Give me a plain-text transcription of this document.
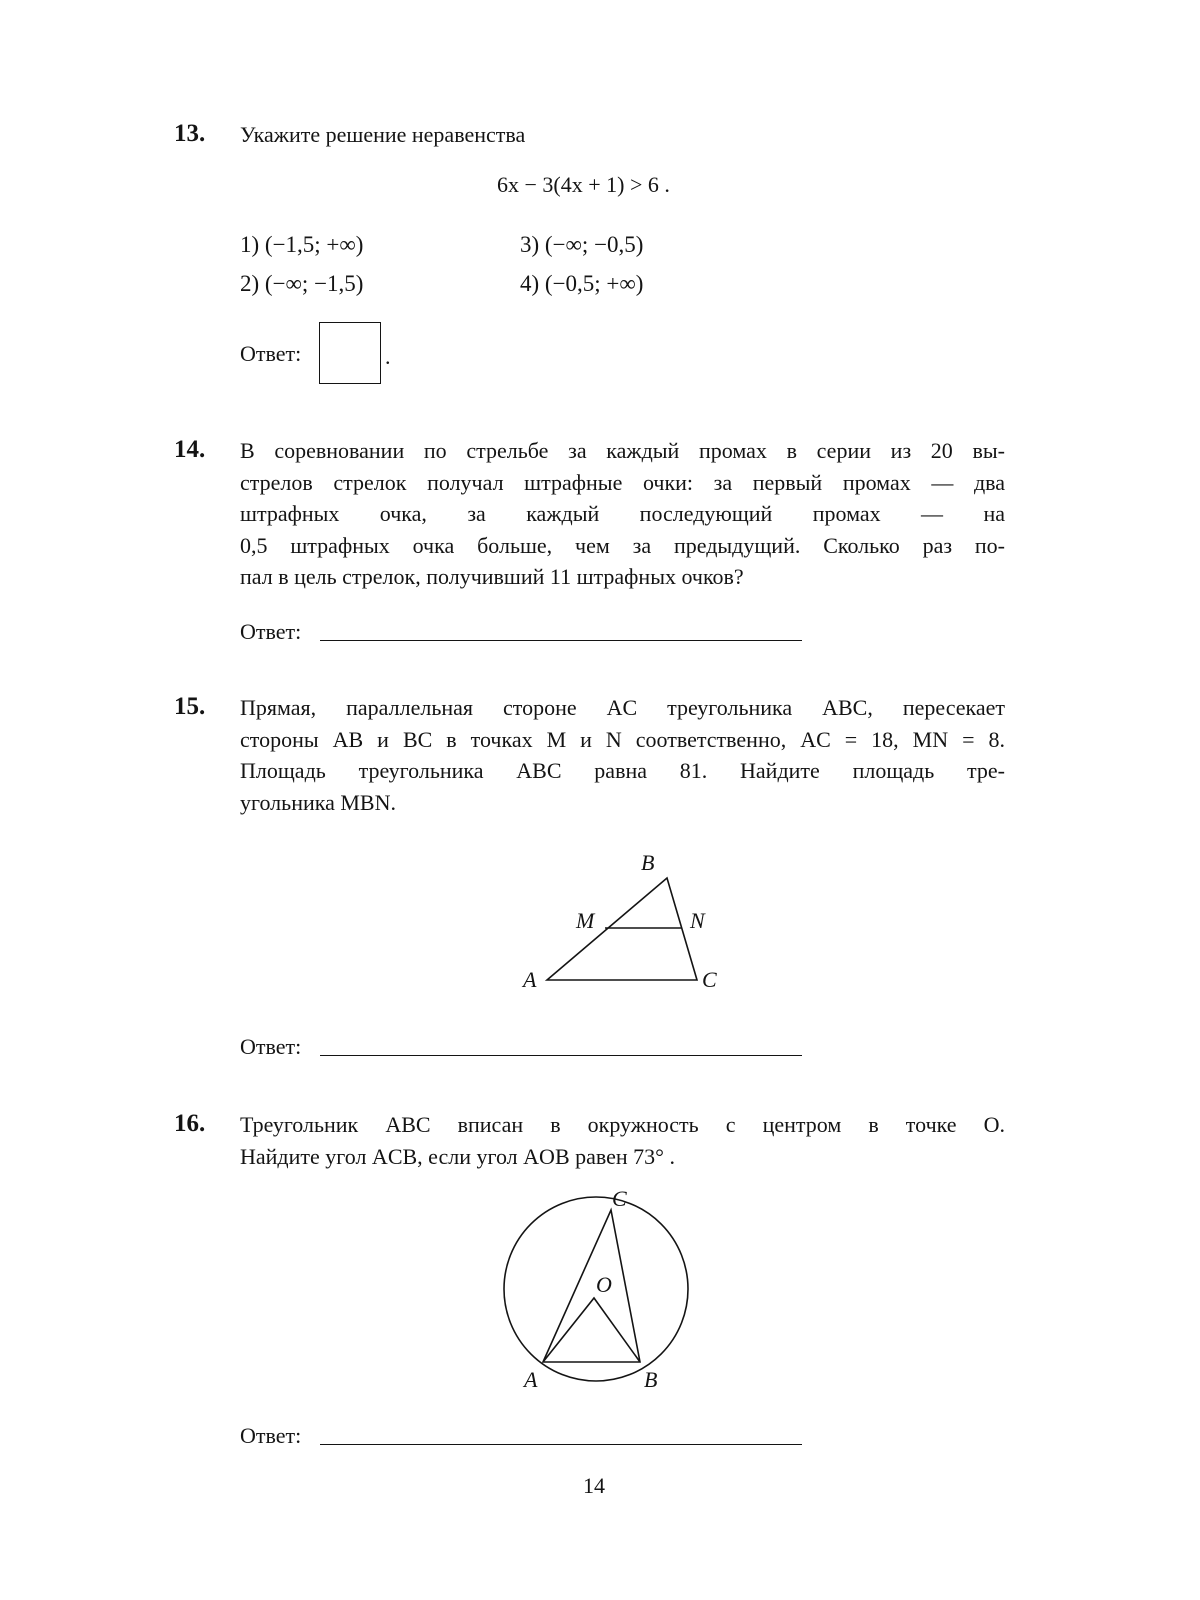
13. Укажите решение неравенства
6x − 3(4x + 1) > 6 .
1) (−1,5; +∞)
2) (−∞; −1,5)
3) (−∞; −0,5)
4) (−0,5; +∞)
Ответ:	.
14. В соревновании по стрельбе за каждый промах в серии из 20 вы-
стрелов стрелок получал штрафные очки: за первый промах — два
штрафных очка, за каждый последующий промах — на
0,5 штрафных очка больше, чем за предыдущий. Сколько раз по-
пал в цель стрелок, получивший 11 штрафных очков?
Ответ:
15. Прямая, параллельная стороне AC треугольника ABC, пересекает
стороны AB и BC в точках M и N соответственно, AC = 18, MN = 8.
Площадь треугольника ABC равна 81. Найдите площадь тре-
угольника MBN.
B
M	N
A	C
Ответ:
16. Треугольник ABC вписан в окружность с центром в точке O.
Найдите угол ACB, если угол AOB равен 73° .
C
O
A	B
Ответ:
14
